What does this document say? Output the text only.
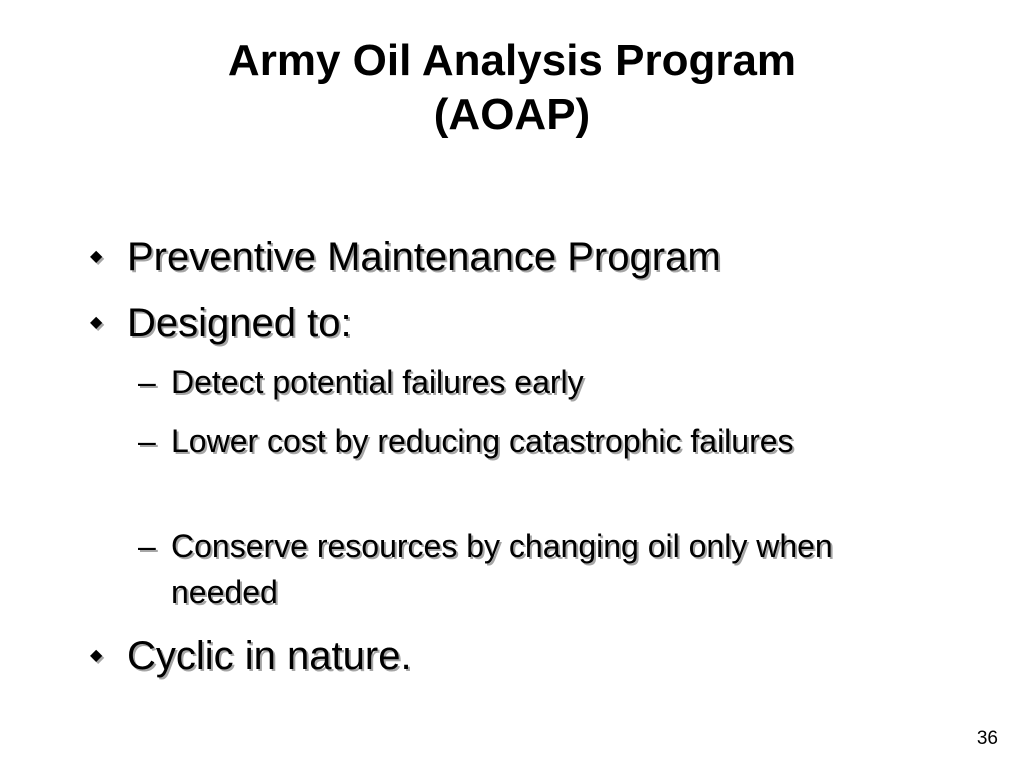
Army Oil Analysis Program
(AOAP)
◆ Preventive Maintenance Program
◆ Designed to:
– Detect potential failures early
– Lower cost by reducing catastrophic failures
– Conserve resources by changing oil only when needed
◆ Cyclic in nature.
36
